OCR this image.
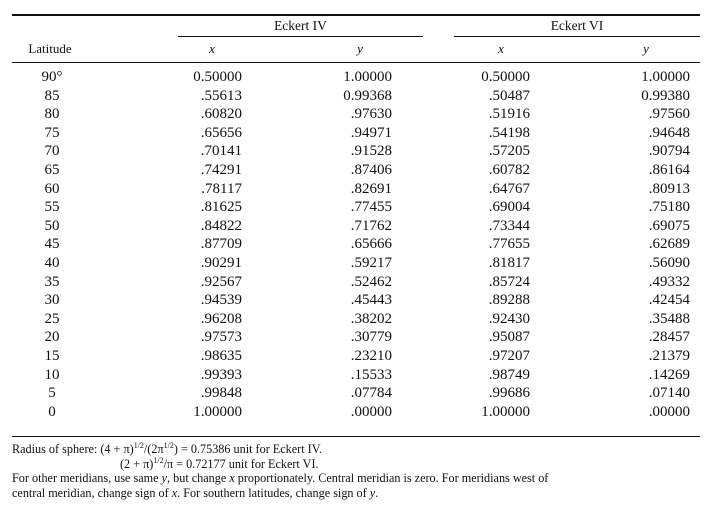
Eckert IV	Eckert VI
Latitude	x	y	x	y
90°	0.50000	1.00000	0.50000	1.00000
85	.55613	0.99368	.50487	0.99380
80	.60820	.97630	.51916	.97560
75	.65656	.94971	.54198	.94648
70	.70141	.91528	.57205	.90794
65	.74291	.87406	.60782	.86164
60	.78117	.82691	.64767	.80913
55	.81625	.77455	.69004	.75180
50	.84822	.71762	.73344	.69075
45	.87709	.65666	.77655	.62689
40	.90291	.59217	.81817	.56090
35	.92567	.52462	.85724	.49332
30	.94539	.45443	.89288	.42454
25	.96208	.38202	.92430	.35488
20	.97573	.30779	.95087	.28457
15	.98635	.23210	.97207	.21379
10	.99393	.15533	.98749	.14269
5	.99848	.07784	.99686	.07140
0	1.00000	.00000	1.00000	.00000
Radius of sphere: $(4 + \pi)^{1/2}/(2\pi^{1/2}) = 0.75386$ unit for Eckert IV.
$(2 + \pi)^{1/2}/\pi = 0.72177$ unit for Eckert VI.
For other meridians, use same y, but change x proportionately. Central meridian is zero. For meridians west of
central meridian, change sign of x. For southern latitudes, change sign of y.
